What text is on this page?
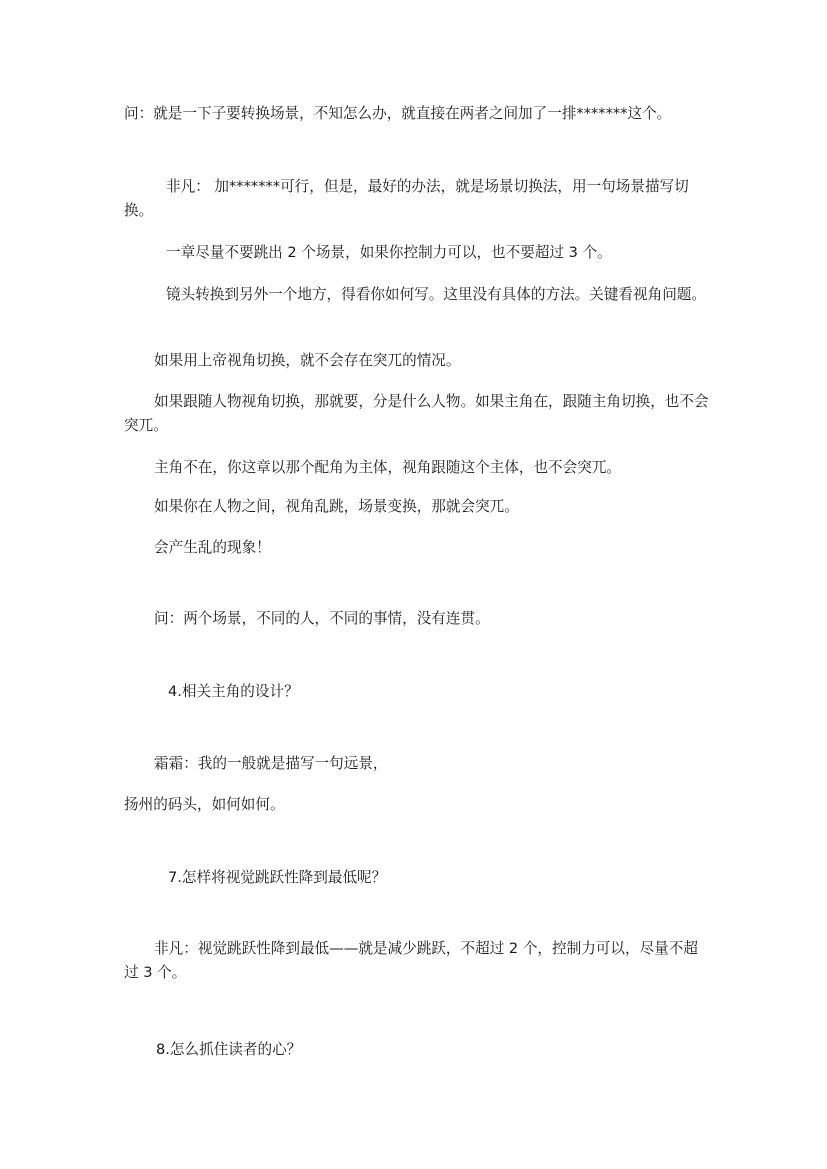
问：就是一下子要转换场景，不知怎么办，就直接在两者之间加了一排*******这个。

非凡： 加*******可行，但是，最好的办法，就是场景切换法，用一句场景描写切换。

一章尽量不要跳出 2 个场景，如果你控制力可以，也不要超过 3 个。

镜头转换到另外一个地方，得看你如何写。这里没有具体的方法。关键看视角问题。

如果用上帝视角切换，就不会存在突兀的情况。

如果跟随人物视角切换，那就要，分是什么人物。如果主角在，跟随主角切换，也不会突兀。

主角不在，你这章以那个配角为主体，视角跟随这个主体，也不会突兀。

如果你在人物之间，视角乱跳，场景变换，那就会突兀。

会产生乱的现象！

问：两个场景，不同的人，不同的事情，没有连贯。

4.相关主角的设计？

霜霜：我的一般就是描写一句远景，

扬州的码头，如何如何。

7.怎样将视觉跳跃性降到最低呢？

非凡：视觉跳跃性降到最低——就是减少跳跃，不超过 2 个，控制力可以，尽量不超过 3 个。

8.怎么抓住读者的心？
